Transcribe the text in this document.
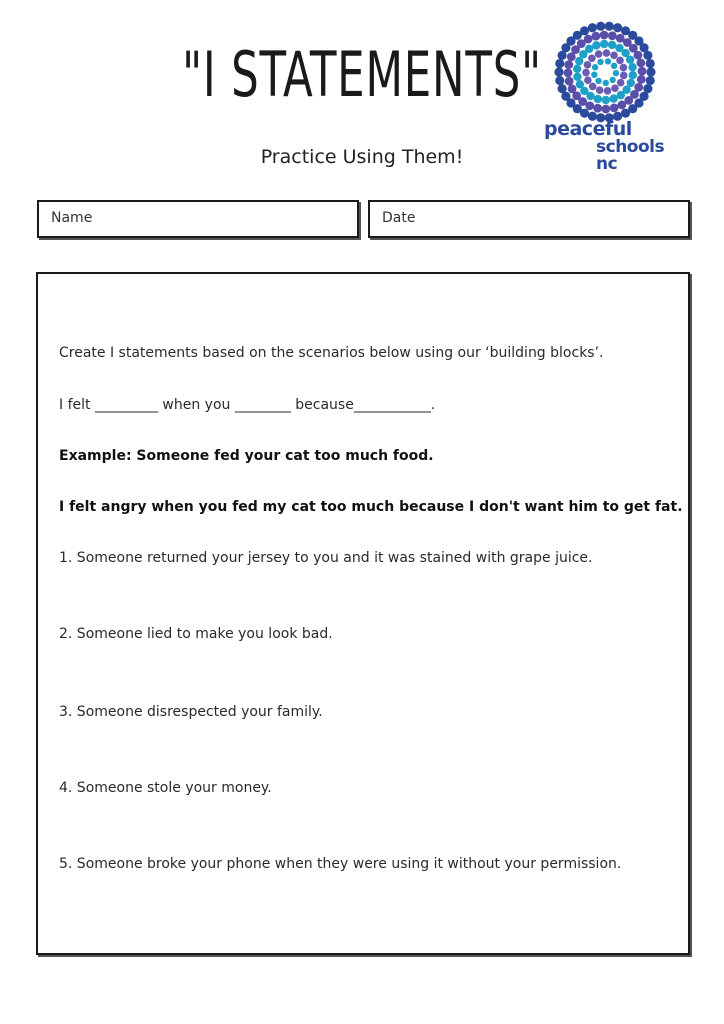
"I STATEMENTS"
peaceful
schools nc

Practice Using Them!

Name	Date

Create I statements based on the scenarios below using our ‘building blocks’.

I felt _________ when you ________ because___________.

Example: Someone fed your cat too much food.

I felt angry when you fed my cat too much because I don't want him to get fat.

1. Someone returned your jersey to you and it was stained with grape juice.

2. Someone lied to make you look bad.

3. Someone disrespected your family.

4. Someone stole your money.

5. Someone broke your phone when they were using it without your permission.
